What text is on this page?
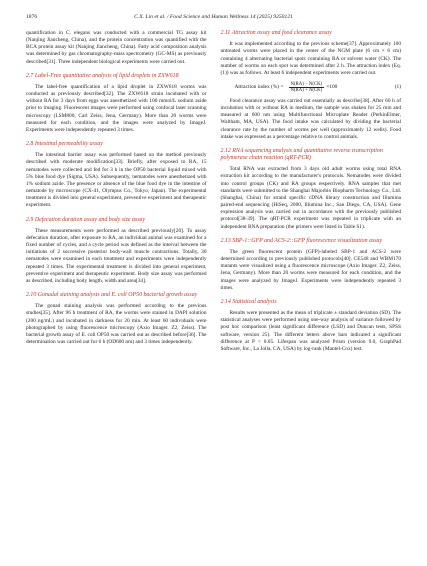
1876	C.X. Lin et al. / Food Science and Human Wellness 14 (2025) 9250121

quantification in C. elegans was conducted with a commercial TG assay kit (Nanjing Jiancheng, China), and the protein concentration was quantified with the BCA protein assay kit (Nanjing Jiancheng, China). Fatty acid composition analysis was determined by gas chromatography-mass spectrometry (GC-MS) as previously described[31]. Three independent biological experiments were carried out.

2.7 Label-Free quantitative analysis of lipid droplets in ZXW618

The label-free quantification of a lipid droplet in ZXW618 worms was conducted as previously described[32]. The ZXW618 strain incubated with or without RA for 3 days from eggs was anesthetized with 100 mmol/L sodium azide prior to imaging. Fluorescent images were performed using confocal laser scanning microscopy (LSM800, Carl Zeiss, Jena, Germany). More than 20 worms were measured for each condition, and the images were analyzed by ImageJ. Experiments were independently repeated 3 times.

2.8 Intestinal permeability assay

The intestinal barrier assay was performed based on the method previously described with moderate modification[33]. Briefly, after exposed to RA, 15 nematodes were collected and fed for 3 h in the OP50 bacterial liquid mixed with 5% blue food dye (Sigma, USA). Subsequently, nematodes were anesthetized with 1% sodium azide. The presence or absence of the blue food dye in the intestine of nematode by microscope (CX-41, Olympus Co., Tokyo, Japan). The experimental treatment is divided into general experiment, preventive experiment and therapeutic experiment.

2.9 Defecation duration assay and body size assay

These measurements were performed as described previously[20]. To assay defecation duration, after exposure to RA, an individual animal was examined for a fixed number of cycles, and a cycle period was defined as the interval between the initiations of 2 successive posterior body-wall muscle contractions. Totally, 30 nematodes were examined in each treatment and experiments were independently repeated 3 times. The experimental treatment is divided into general experiment, preventive experiment and therapeutic experiment. Body size assay was performed as described, including body length, width and area[34].

2.10 Gonadal staining analysis and E. coli OP50 bacterial growth assay

The gonad staining analysis was performed according to the previous studies[35]. After 96 h treatment of RA, the worms were stained in DAPI solution (200 ng/mL) and incubated in darkness for 20 min. At least 60 individuals were photographed by using fluorescence microscopy (Axio Imager. Z2, Zeiss). The bacterial growth assay of E. coli OP50 was carried out as described before[36]. The determination was carried out for 6 h (OD600 nm) and 3 times independently.

2.11 Attraction assay and food clearance assay

It was implemented according to the previous scheme[37]. Approximately 100 untreated worms were placed in the center of the NGM plate (6 cm × 6 cm) containing 4 alternating bacterial spots containing RA or solvent water (CK). The number of worms on each spot was determined after 2 h. The attraction index (Eq. (1)) was as follows. At least 6 independent experiments were carried out.

Attraction index (%) = $\frac{N(RA) - N(CK)}{N(RA) + N(CK)} \times 100$	(1)

Food clearance assay was carried out essentially as describe[38]. After 60 h of incubation with or without RA in medium, the sample was shaken for 25 min and measured at 600 nm using Multifunctional Microplate Reader (PerkinElmer, Waltham, MA, USA). The food intake was calculated by dividing the bacterial clearance rate by the number of worms per well (approximately 12 wells). Food intake was expressed as a percentage relative to control animals.

2.12 RNA sequencing analysis and quantitative reverse transcription polymerase chain reaction (qRT-PCR)

Total RNA was extracted from 3 days old adult worms using total RNA extraction kit according to the manufacturer's protocols. Nematodes were divided into control groups (CK) and RA groups respectively. RNA samples that met standards were submitted to the Shanghai Majorbio Biopharm Technology Co., Ltd. (Shanghai, China) for strand specific cDNA library construction and Illumina paired-end sequencing (HiSeq, 2000, Illumina Inc., San Diego, CA, USA). Gene expression analysis was carried out in accordance with the previously published protocol[38-39]. The qRT-PCR experiment was repeated in triplicate with an independent RNA preparation (the primers were listed in Table S1).

2.13 SBP-1::GFP and ACS-2::GFP fluorescence visualization assay

The green fluorescent protein (GFP)-labeled SBP-1 and ACS-2 were determined according to previously published protocols[40]. CE548 and WBM170 mutants were visualized using a fluorescence microscope (Axio Imager. Z2, Zeiss, Jena, Germany). More than 20 worms were measured for each condition, and the images were analyzed by ImageJ. Experiments were independently repeated 3 times.

2.14 Statistical analysis

Results were presented as the mean of triplicate ± standard deviation (SD). The statistical analyses were performed using one-way analysis of variance followed by post hoc comparison (least significant difference (LSD) and Duncan tests, SPSS software, version 25). The different letters above bars indicated a significant difference at P < 0.05. Lifespan was analyzed Prism (version 9.0, GraphPad Software, Inc., La Jolla, CA, USA) by log-rank (Mantel-Cox) test.
